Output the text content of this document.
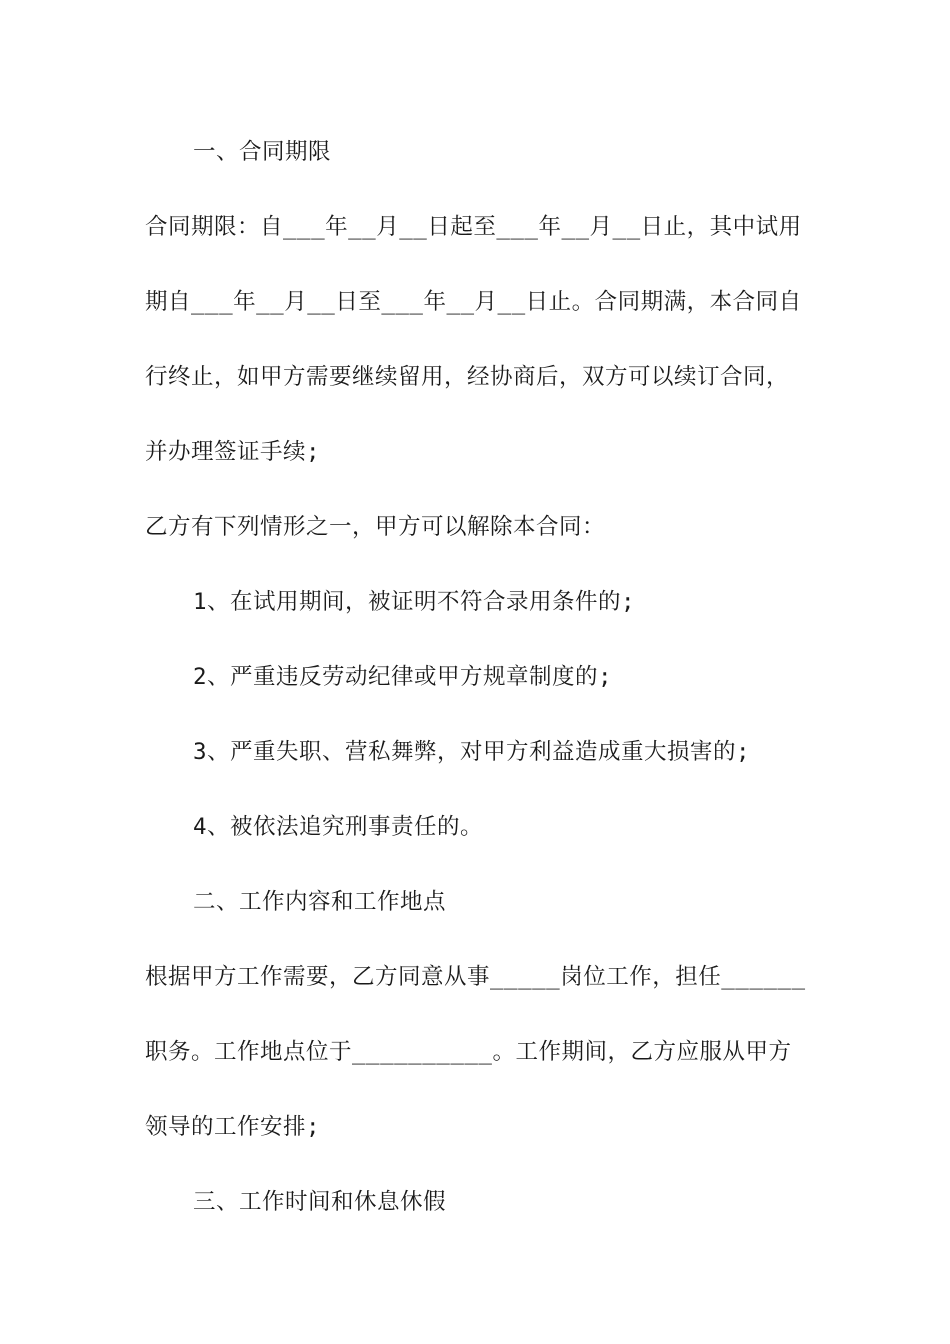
一、合同期限
合同期限：自___年__月__日起至___年__月__日止，其中试用
期自___年__月__日至___年__月__日止。合同期满，本合同自
行终止，如甲方需要继续留用，经协商后，双方可以续订合同，
并办理签证手续;
乙方有下列情形之一，甲方可以解除本合同：
1、在试用期间，被证明不符合录用条件的;
2、严重违反劳动纪律或甲方规章制度的;
3、严重失职、营私舞弊，对甲方利益造成重大损害的;
4、被依法追究刑事责任的。
二、工作内容和工作地点
根据甲方工作需要，乙方同意从事_____岗位工作，担任______
职务。工作地点位于__________。工作期间，乙方应服从甲方
领导的工作安排;
三、工作时间和休息休假
